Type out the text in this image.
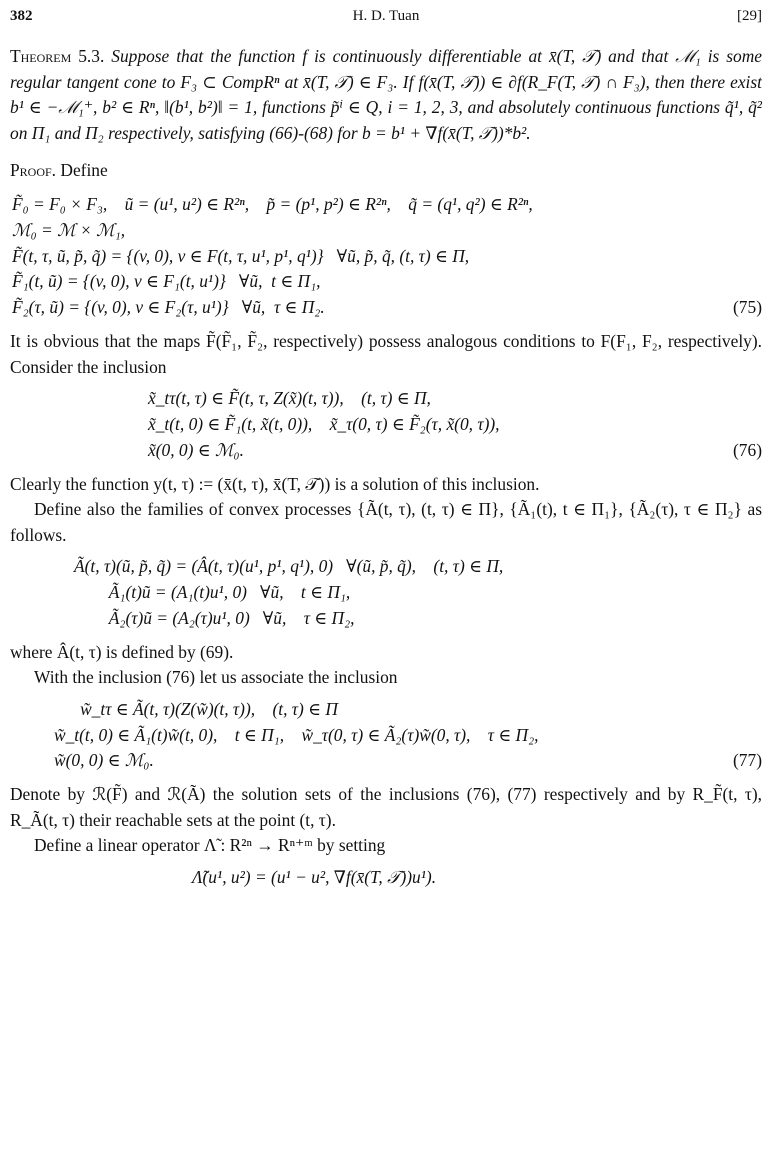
382	H. D. Tuan	[29]

Theorem 5.3. Suppose that the function f is continuously differentiable at x̄(T, 𝒯) and that ℳ₁ is some regular tangent cone to F₃ ⊂ CompRⁿ at x̄(T, 𝒯) ∈ F₃. If f(x̄(T, 𝒯)) ∈ ∂f(R_F(T, 𝒯) ∩ F₃), then there exist b¹ ∈ −ℳ₁⁺, b² ∈ Rⁿ, ‖(b¹, b²)‖ = 1, functions p̃ⁱ ∈ Q, i = 1, 2, 3, and absolutely continuous functions q̃¹, q̃² on Π₁ and Π₂ respectively, satisfying (66)-(68) for b = b¹ + ∇f(x̄(T, 𝒯))*b².

Proof. Define

F̃₀ = F₀ × F₃,    ũ = (u¹, u²) ∈ R²ⁿ,    p̃ = (p¹, p²) ∈ R²ⁿ,    q̃ = (q¹, q²) ∈ R²ⁿ,
ℳ₀ = ℳ × ℳ₁,
F̃(t, τ, ũ, p̃, q̃) = {(v, 0), v ∈ F(t, τ, u¹, p¹, q¹)}   ∀ũ, p̃, q̃, (t, τ) ∈ Π,
F̃₁(t, ũ) = {(v, 0), v ∈ F₁(t, u¹)}   ∀ũ,  t ∈ Π₁,
F̃₂(τ, ũ) = {(v, 0), v ∈ F₂(τ, u¹)}   ∀ũ,  τ ∈ Π₂.	(75)

It is obvious that the maps F̃(F̃₁, F̃₂, respectively) possess analogous conditions to F(F₁, F₂, respectively). Consider the inclusion

x̃_tτ(t, τ) ∈ F̃(t, τ, Z(x̃)(t, τ)),    (t, τ) ∈ Π,
x̃_t(t, 0) ∈ F̃₁(t, x̃(t, 0)),    x̃_τ(0, τ) ∈ F̃₂(τ, x̃(0, τ)),
x̃(0, 0) ∈ ℳ₀.	(76)

Clearly the function y(t, τ) := (x̄(t, τ), x̄(T, 𝒯)) is a solution of this inclusion.

Define also the families of convex processes {Ã(t, τ), (t, τ) ∈ Π}, {Ã₁(t), t ∈ Π₁}, {Ã₂(τ), τ ∈ Π₂} as follows.

Ã(t, τ)(ũ, p̃, q̃) = (Â(t, τ)(u¹, p¹, q¹), 0)   ∀(ũ, p̃, q̃),    (t, τ) ∈ Π,
Ã₁(t)ũ = (A₁(t)u¹, 0)   ∀ũ,    t ∈ Π₁,
Ã₂(τ)ũ = (A₂(τ)u¹, 0)   ∀ũ,    τ ∈ Π₂,

where Â(t, τ) is defined by (69).

With the inclusion (76) let us associate the inclusion

w̃_tτ ∈ Ã(t, τ)(Z(w̃)(t, τ)),    (t, τ) ∈ Π
w̃_t(t, 0) ∈ Ã₁(t)w̃(t, 0),    t ∈ Π₁,    w̃_τ(0, τ) ∈ Ã₂(τ)w̃(0, τ),    τ ∈ Π₂,
w̃(0, 0) ∈ ℳ₀.	(77)

Denote by ℛ(F̃) and ℛ(Ã) the solution sets of the inclusions (76), (77) respectively and by R_F̃(t, τ), R_Ã(t, τ) their reachable sets at the point (t, τ).

Define a linear operator Λ̃ : R²ⁿ → Rⁿ⁺ᵐ by setting

Λ̃(u¹, u²) = (u¹ − u², ∇f(x̄(T, 𝒯))u¹).
